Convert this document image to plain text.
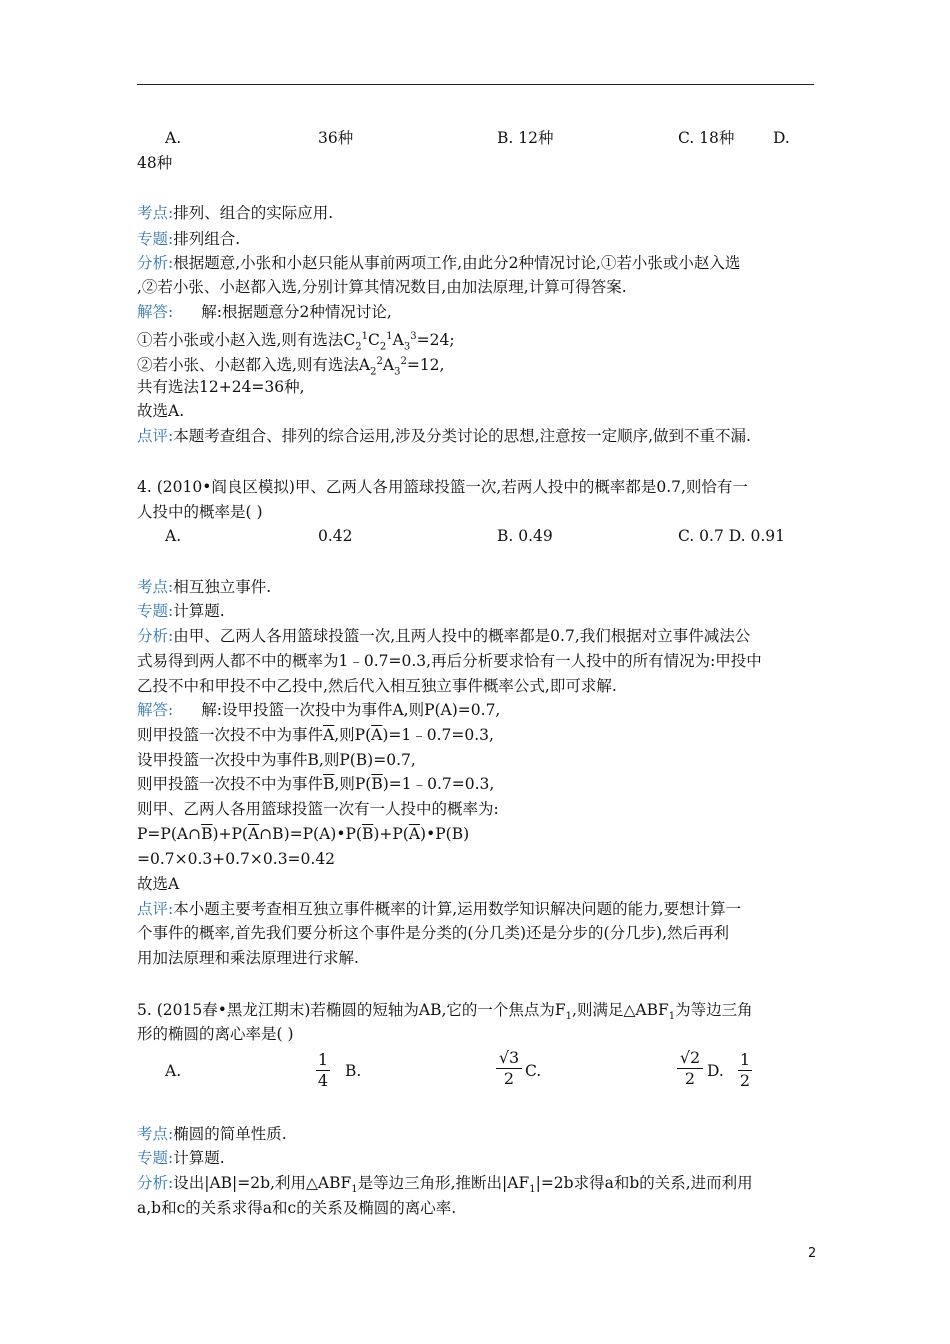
A.	36种	B. 12种	C. 18种 D.
48种
考点:排列、组合的实际应用.
专题:排列组合.
分析:根据题意,小张和小赵只能从事前两项工作,由此分2种情况讨论,①若小张或小赵入选
,②若小张、小赵都入选,分别计算其情况数目,由加法原理,计算可得答案.
解答: 解:根据题意分2种情况讨论,
①若小张或小赵入选,则有选法$C_2^1C_2^1A_3^3=24$;
②若小张、小赵都入选,则有选法$A_2^2A_3^2=12$,
共有选法12+24=36种,
故选A.
点评:本题考查组合、排列的综合运用,涉及分类讨论的思想,注意按一定顺序,做到不重不漏.
4. (2010•阎良区模拟)甲、乙两人各用篮球投篮一次,若两人投中的概率都是0.7,则恰有一
人投中的概率是( )
A.	0.42	B. 0.49	C. 0.7 D. 0.91
考点:相互独立事件.
专题:计算题.
分析:由甲、乙两人各用篮球投篮一次,且两人投中的概率都是0.7,我们根据对立事件减法公
式易得到两人都不中的概率为1﹣0.7=0.3,再后分析要求恰有一人投中的所有情况为:甲投中
乙投不中和甲投不中乙投中,然后代入相互独立事件概率公式,即可求解.
解答: 解:设甲投篮一次投中为事件A,则P(A)=0.7,
则甲投篮一次投不中为事件$\overline{A}$,则$P(\overline{A})=1﹣0.7=0.3$,
设甲投篮一次投中为事件B,则P(B)=0.7,
则甲投篮一次投不中为事件$\overline{B}$,则$P(\overline{B})=1﹣0.7=0.3$,
则甲、乙两人各用篮球投篮一次有一人投中的概率为:
$P=P(A\cap\overline{B})+P(\overline{A}\cap B)=P(A)•P(\overline{B})+P(\overline{A})•P(B)$
=0.7×0.3+0.7×0.3=0.42
故选A
点评:本小题主要考查相互独立事件概率的计算,运用数学知识解决问题的能力,要想计算一
个事件的概率,首先我们要分析这个事件是分类的(分几类)还是分步的(分几步),然后再利
用加法原理和乘法原理进行求解.
5. (2015春•黑龙江期末)若椭圆的短轴为AB,它的一个焦点为$F_1$,则满足$\triangle ABF_1$为等边三角
形的椭圆的离心率是( )
A.
1
4 B.
√3
2 C.
√2
2 D.
1
2
考点:椭圆的简单性质.
专题:计算题.
分析:设出|AB|=2b,利用$\triangle ABF_1$是等边三角形,推断出$|AF_1|=2b$求得a和b的关系,进而利用
a,b和c的关系求得a和c的关系及椭圆的离心率.
2
